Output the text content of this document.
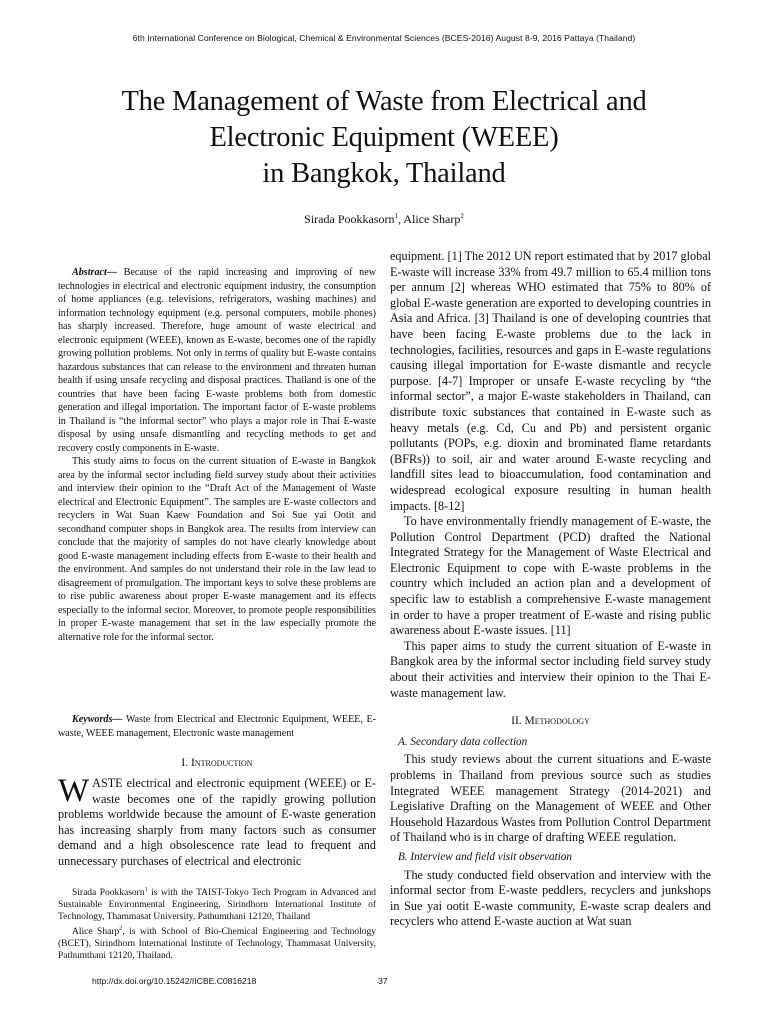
6th International Conference on Biological, Chemical & Environmental Sciences (BCES-2016) August 8-9, 2016 Pattaya (Thailand)
The Management of Waste from Electrical and
Electronic Equipment (WEEE)
in Bangkok, Thailand
Sirada Pookkasorn$^1$, Alice Sharp$^2$

Abstract— Because of the rapid increasing and improving of new technologies in electrical and electronic equipment industry, the consumption of home appliances (e.g. televisions, refrigerators, washing machines) and information technology equipment (e.g. personal computers, mobile phones) has sharply increased. Therefore, huge amount of waste electrical and electronic equipment (WEEE), known as E-waste, becomes one of the rapidly growing pollution problems. Not only in terms of quality but E-waste contains hazardous substances that can release to the environment and threaten human health if using unsafe recycling and disposal practices. Thailand is one of the countries that have been facing E-waste problems both from domestic generation and illegal importation. The important factor of E-waste problems in Thailand is “the informal sector” who plays a major role in Thai E-waste disposal by using unsafe dismantling and recycling methods to get and recovery costly components in E-waste.

This study aims to focus on the current situation of E-waste in Bangkok area by the informal sector including field survey study about their activities and interview their opinion to the “Draft Act of the Management of Waste electrical and Electronic Equipment”. The samples are E-waste collectors and recyclers in Wat Suan Kaew Foundation and Soi Sue yai Ootit and secondhand computer shops in Bangkok area. The results from interview can conclude that the majority of samples do not have clearly knowledge about good E-waste management including effects from E-waste to their health and the environment. And samples do not understand their role in the law lead to disagreement of promulgation. The important keys to solve these problems are to rise public awareness about proper E-waste management and its effects especially to the informal sector. Moreover, to promote people responsibilities in proper E-waste management that set in the law especially promote the alternative role for the informal sector.

Keywords— Waste from Electrical and Electronic Equipment, WEEE, E-waste, WEEE management, Electronic waste management

I. Introduction

WASTE electrical and electronic equipment (WEEE) or E-waste becomes one of the rapidly growing pollution problems worldwide because the amount of E-waste generation has increasing sharply from many factors such as consumer demand and a high obsolescence rate lead to frequent and unnecessary purchases of electrical and electronic

Sirada Pookkasorn$^1$ is with the TAIST-Tokyo Tech Program in Advanced and Sustainable Environmental Engineering, Sirindhorn International Institute of Technology, Thammasat University, Pathumthani 12120, Thailand

Alice Sharp$^2$, is with School of Bio-Chemical Engineering and Technology (BCET), Sirindhorn International Institute of Technology, Thammasat University, Pathumthani 12120, Thailand.

equipment. [1] The 2012 UN report estimated that by 2017 global E-waste will increase 33% from 49.7 million to 65.4 million tons per annum [2] whereas WHO estimated that 75% to 80% of global E-waste generation are exported to developing countries in Asia and Africa. [3] Thailand is one of developing countries that have been facing E-waste problems due to the lack in technologies, facilities, resources and gaps in E-waste regulations causing illegal importation for E-waste dismantle and recycle purpose. [4-7] Improper or unsafe E-waste recycling by “the informal sector”, a major E-waste stakeholders in Thailand, can distribute toxic substances that contained in E-waste such as heavy metals (e.g. Cd, Cu and Pb) and persistent organic pollutants (POPs, e.g. dioxin and brominated flame retardants (BFRs)) to soil, air and water around E-waste recycling and landfill sites lead to bioaccumulation, food contamination and widespread ecological exposure resulting in human health impacts. [8-12]

To have environmentally friendly management of E-waste, the Pollution Control Department (PCD) drafted the National Integrated Strategy for the Management of Waste Electrical and Electronic Equipment to cope with E-waste problems in the country which included an action plan and a development of specific law to establish a comprehensive E-waste management in order to have a proper treatment of E-waste and rising public awareness about E-waste issues. [11]

This paper aims to study the current situation of E-waste in Bangkok area by the informal sector including field survey study about their activities and interview their opinion to the Thai E-waste management law.

II. Methodology

A. Secondary data collection

This study reviews about the current situations and E-waste problems in Thailand from previous source such as studies Integrated WEEE management Strategy (2014-2021) and Legislative Drafting on the Management of WEEE and Other Household Hazardous Wastes from Pollution Control Department of Thailand who is in charge of drafting WEEE regulation.

B. Interview and field visit observation

The study conducted field observation and interview with the informal sector from E-waste peddlers, recyclers and junkshops in Sue yai ootit E-waste community, E-waste scrap dealers and recyclers who attend E-waste auction at Wat suan

http://dx.doi.org/10.15242/IICBE.C0816218	37
